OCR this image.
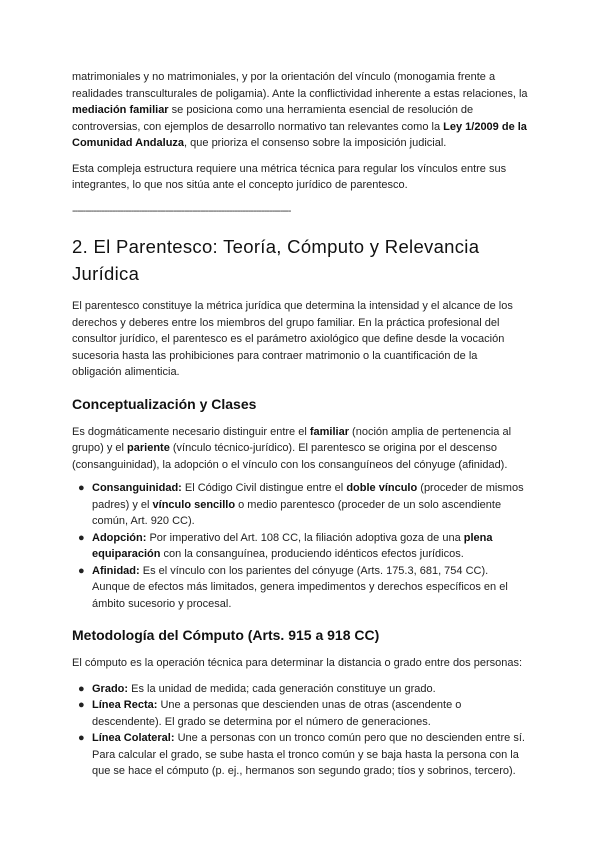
matrimoniales y no matrimoniales, y por la orientación del vínculo (monogamia frente a realidades transculturales de poligamia). Ante la conflictividad inherente a estas relaciones, la mediación familiar se posiciona como una herramienta esencial de resolución de controversias, con ejemplos de desarrollo normativo tan relevantes como la Ley 1/2009 de la Comunidad Andaluza, que prioriza el consenso sobre la imposición judicial.

Esta compleja estructura requiere una métrica técnica para regular los vínculos entre sus integrantes, lo que nos sitúa ante el concepto jurídico de parentesco.

----------------------------------------------------------------------------------

2. El Parentesco: Teoría, Cómputo y Relevancia Jurídica

El parentesco constituye la métrica jurídica que determina la intensidad y el alcance de los derechos y deberes entre los miembros del grupo familiar. En la práctica profesional del consultor jurídico, el parentesco es el parámetro axiológico que define desde la vocación sucesoria hasta las prohibiciones para contraer matrimonio o la cuantificación de la obligación alimenticia.

Conceptualización y Clases

Es dogmáticamente necesario distinguir entre el familiar (noción amplia de pertenencia al grupo) y el pariente (vínculo técnico-jurídico). El parentesco se origina por el descenso (consanguinidad), la adopción o el vínculo con los consanguíneos del cónyuge (afinidad).

● Consanguinidad: El Código Civil distingue entre el doble vínculo (proceder de mismos padres) y el vínculo sencillo o medio parentesco (proceder de un solo ascendiente común, Art. 920 CC).
● Adopción: Por imperativo del Art. 108 CC, la filiación adoptiva goza de una plena equiparación con la consanguínea, produciendo idénticos efectos jurídicos.
● Afinidad: Es el vínculo con los parientes del cónyuge (Arts. 175.3, 681, 754 CC). Aunque de efectos más limitados, genera impedimentos y derechos específicos en el ámbito sucesorio y procesal.
Metodología del Cómputo (Arts. 915 a 918 CC)

El cómputo es la operación técnica para determinar la distancia o grado entre dos personas:

● Grado: Es la unidad de medida; cada generación constituye un grado.
● Línea Recta: Une a personas que descienden unas de otras (ascendente o descendente). El grado se determina por el número de generaciones.
● Línea Colateral: Une a personas con un tronco común pero que no descienden entre sí. Para calcular el grado, se sube hasta el tronco común y se baja hasta la persona con la que se hace el cómputo (p. ej., hermanos son segundo grado; tíos y sobrinos, tercero).
